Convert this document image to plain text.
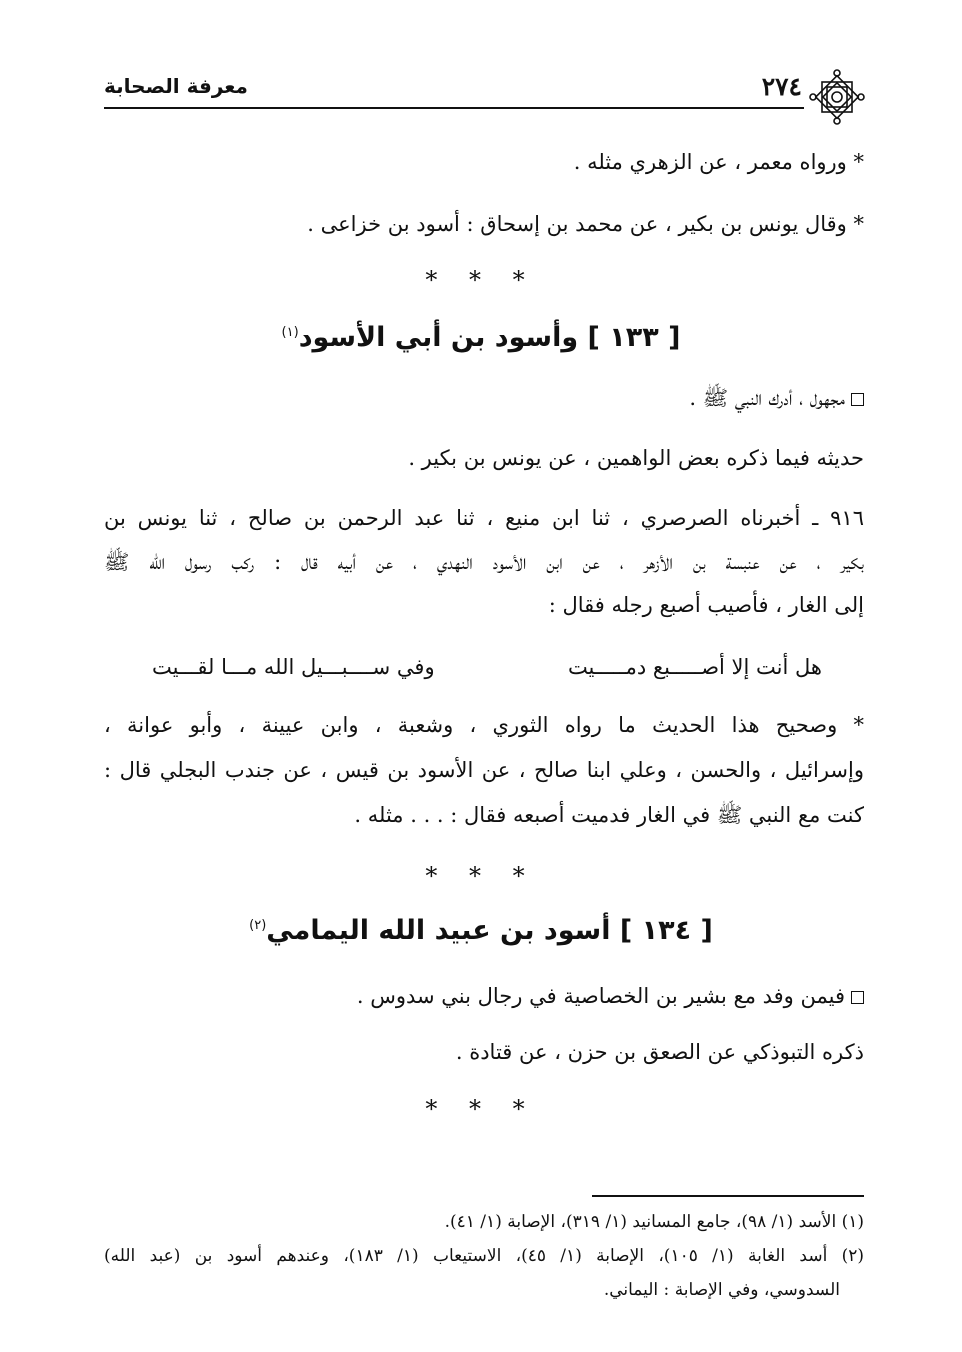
٢٧٤
معرفة الصحابة
* ورواه معمر ، عن الزهري مثله .
* وقال يونس بن بكير ، عن محمد بن إسحاق : أسود بن خزاعى .
* * *
[ ١٣٣ ] وأسود بن أبي الأسود$^{(١)}$
مجهول ، أدرك النبي ﷺ .
حديثه فيما ذكره بعض الواهمين ، عن يونس بن بكير .
٩١٦ ـ أخبرناه الصرصري ، ثنا ابن منيع ، ثنا عبد الرحمن بن صالح ، ثنا يونس بن
بكير ، عن عنبسة بن الأزهر ، عن ابن الأسود النهدي ، عن أبيه قال : ركب رسول الله ﷺ
إلى الغار ، فأصيب أصبع رجله فقال :
هل أنت إلا أصـــــبع دمـــــيت
وفي ســــبـــيل الله مـــا لقـــيت
* وصحيح هذا الحديث ما رواه الثوري ، وشعبة ، وابن عيينة ، وأبو عوانة ،
وإسرائيل ، والحسن ، وعلي ابنا صالح ، عن الأسود بن قيس ، عن جندب البجلي قال :
كنت مع النبي ﷺ في الغار فدميت أصبعه فقال : . . . مثله .
* * *
[ ١٣٤ ] أسود بن عبيد الله اليمامي$^{(٢)}$
فيمن وفد مع بشير بن الخصاصية في رجال بني سدوس .
ذكره التبوذكي عن الصعق بن حزن ، عن قتادة .
* * *
(١) الأسد (١/ ٩٨)، جامع المسانيد (١/ ٣١٩)، الإصابة (١/ ٤١).
(٢) أسد الغابة (١/ ١٠٥)، الإصابة (١/ ٤٥)، الاستيعاب (١/ ١٨٣)، وعندهم أسود بن (عبد الله)
السدوسي، وفي الإصابة : اليماني.
